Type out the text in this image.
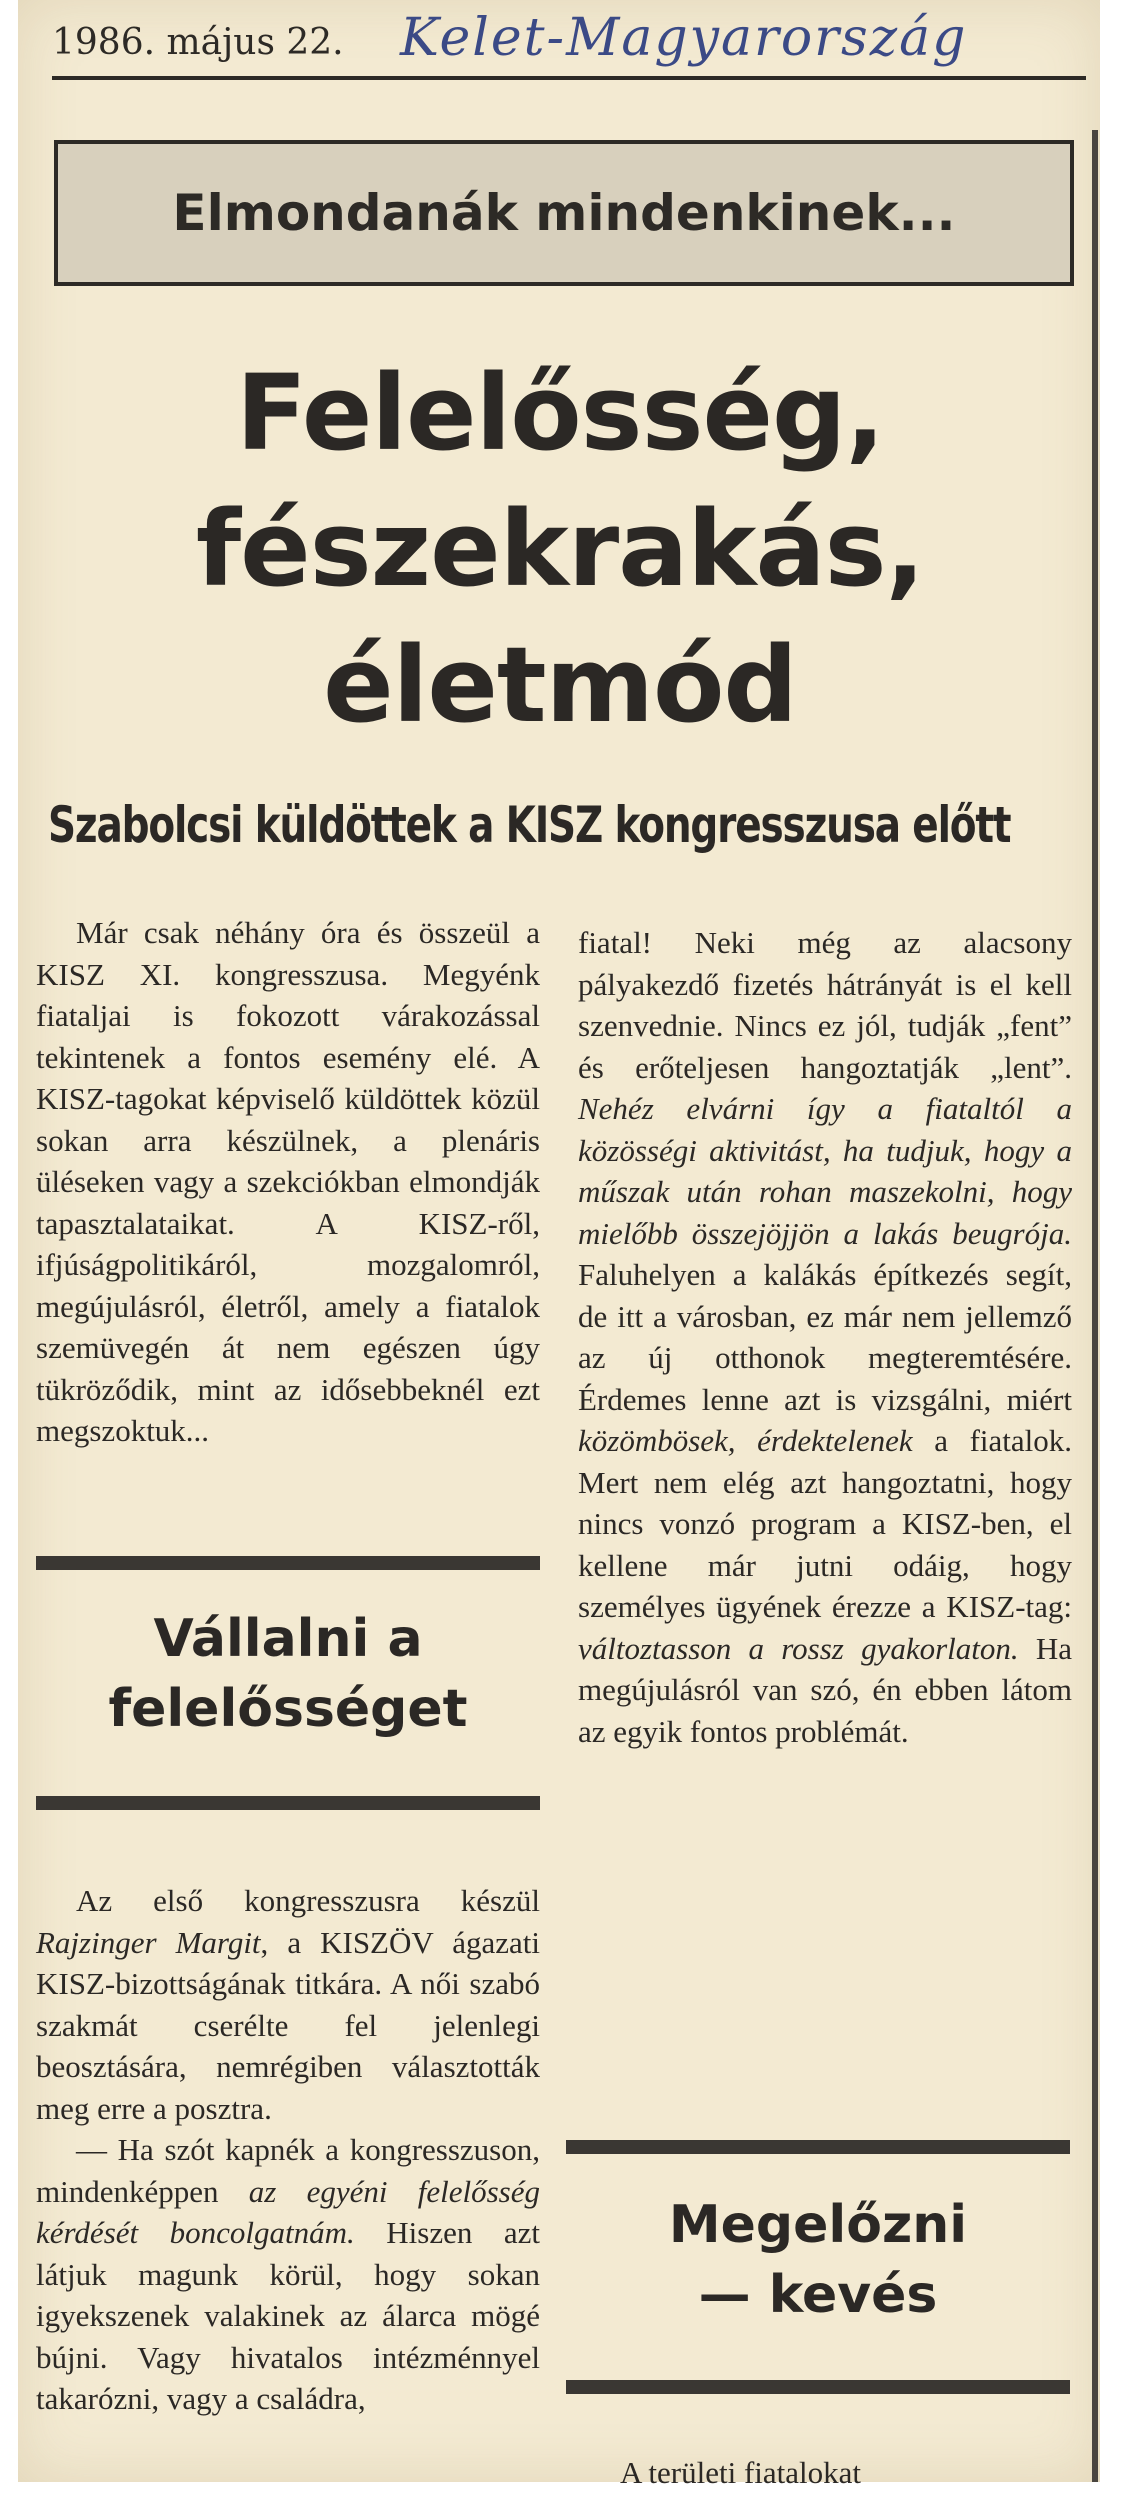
1986. május 22. Kelet-Magyarország
Elmondanák mindenkinek...
Felelősség,
fészekrakás,
életmód
Szabolcsi küldöttek a KISZ kongresszusa előtt

Már csak néhány óra és összeül a KISZ XI. kongresszusa. Megyénk fiataljai is fokozott várakozással tekintenek a fontos esemény elé. A KISZ-tagokat képviselő küldöttek közül sokan arra készülnek, a plenáris üléseken vagy a szekciókban elmondják tapasztalataikat. A KISZ-ről, ifjúságpolitikáról, mozgalomról, megújulásról, életről, amely a fiatalok szemüvegén át nem egészen úgy tükröződik, mint az idősebbeknél ezt megszoktuk...

Vállalni a
felelősséget

Az első kongresszusra készül Rajzinger Margit, a KISZÖV ágazati KISZ-bizottságának titkára. A női szabó szakmát cserélte fel jelenlegi beosztására, nemrégiben választották meg erre a posztra.

— Ha szót kapnék a kongresszuson, mindenképpen az egyéni felelősség kérdését boncolgatnám. Hiszen azt látjuk magunk körül, hogy sokan igyekszenek valakinek az álarca mögé bújni. Vagy hivatalos intézménnyel takarózni, vagy a családra,

fiatal! Neki még az alacsony pályakezdő fizetés hátrányát is el kell szenvednie. Nincs ez jól, tudják „fent” és erőteljesen hangoztatják „lent”. Nehéz elvárni így a fiataltól a közösségi aktivitást, ha tudjuk, hogy a műszak után rohan maszekolni, hogy mielőbb összejöjjön a lakás beugrója. Faluhelyen a kalákás építkezés segít, de itt a városban, ez már nem jellemző az új otthonok megteremtésére. Érdemes lenne azt is vizsgálni, miért közömbösek, érdektelenek a fiatalok. Mert nem elég azt hangoztatni, hogy nincs vonzó program a KISZ-ben, el kellene már jutni odáig, hogy személyes ügyének érezze a KISZ-tag: változtasson a rossz gyakorlaton. Ha megújulásról van szó, én ebben látom az egyik fontos problémát.

Megelőzni
— kevés

A területi fiatalokat
